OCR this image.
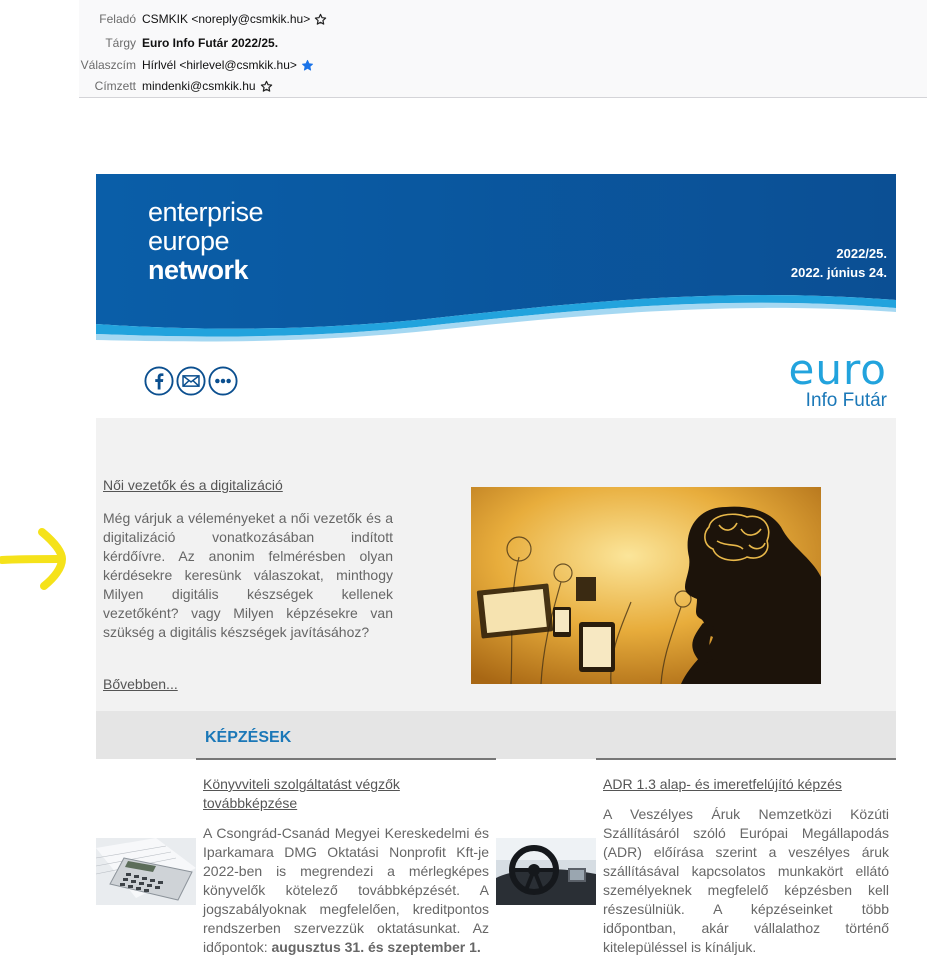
Feladó CSMKIK <noreply@csmkik.hu>
Tárgy Euro Info Futár 2022/25.
Válaszcím Hírlvél <hirlevel@csmkik.hu>
Címzett mindenki@csmkik.hu
enterprise
europe
network
2022/25.
2022. június 24.
euro
Info Futár
Női vezetők és a digitalizáció
Még várjuk a véleményeket a női vezetők és a digitalizáció vonatkozásában indított kérdőívre. Az anonim felmérésben olyan kérdésekre keresünk válaszokat, minthogy Milyen digitális készségek kellenek vezetőként? vagy Milyen képzésekre van szükség a digitális készségek javításához?
Bővebben...
KÉPZÉSEK
Könyvviteli szolgáltatást végzők továbbképzése
A Csongrád-Csanád Megyei Kereskedelmi és Iparkamara DMG Oktatási Nonprofit Kft-je 2022-ben is megrendezi a mérlegképes könyvelők kötelező továbbképzését. A jogszabályoknak megfelelően, kreditpontos rendszerben szervezzük oktatásunkat. Az időpontok: augusztus 31. és szeptember 1.
ADR 1.3 alap- és imeretfelújító képzés
A Veszélyes Áruk Nemzetközi Közúti Szállításáról szóló Európai Megállapodás (ADR) előírása szerint a veszélyes áruk szállításával kapcsolatos munkakört ellátó személyeknek megfelelő képzésben kell részesülniük. A képzéseinket több időpontban, akár vállalathoz történő kitelepüléssel is kínáljuk.
